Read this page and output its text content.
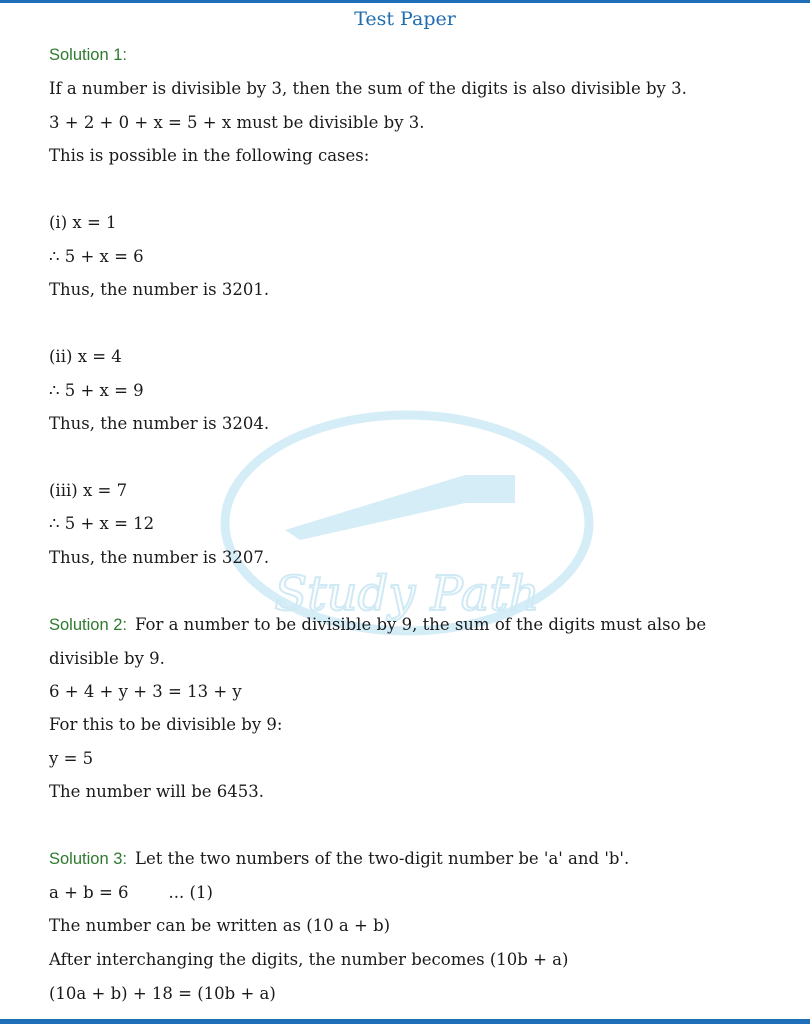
Test Paper
Study Path
Solution 1:
If a number is divisible by 3, then the sum of the digits is also divisible by 3.
3 + 2 + 0 + x = 5 + x must be divisible by 3.
This is possible in the following cases:
(i) x = 1
∴ 5 + x = 6
Thus, the number is 3201.
(ii) x = 4
∴ 5 + x = 9
Thus, the number is 3204.
(iii) x = 7
∴ 5 + x = 12
Thus, the number is 3207.
Solution 2: For a number to be divisible by 9, the sum of the digits must also be
divisible by 9.
6 + 4 + y + 3 = 13 + y
For this to be divisible by 9:
y = 5
The number will be 6453.
Solution 3: Let the two numbers of the two-digit number be 'a' and 'b'.
a + b = 6 ... (1)
The number can be written as (10 a + b)
After interchanging the digits, the number becomes (10b + a)
(10a + b) + 18 = (10b + a)
